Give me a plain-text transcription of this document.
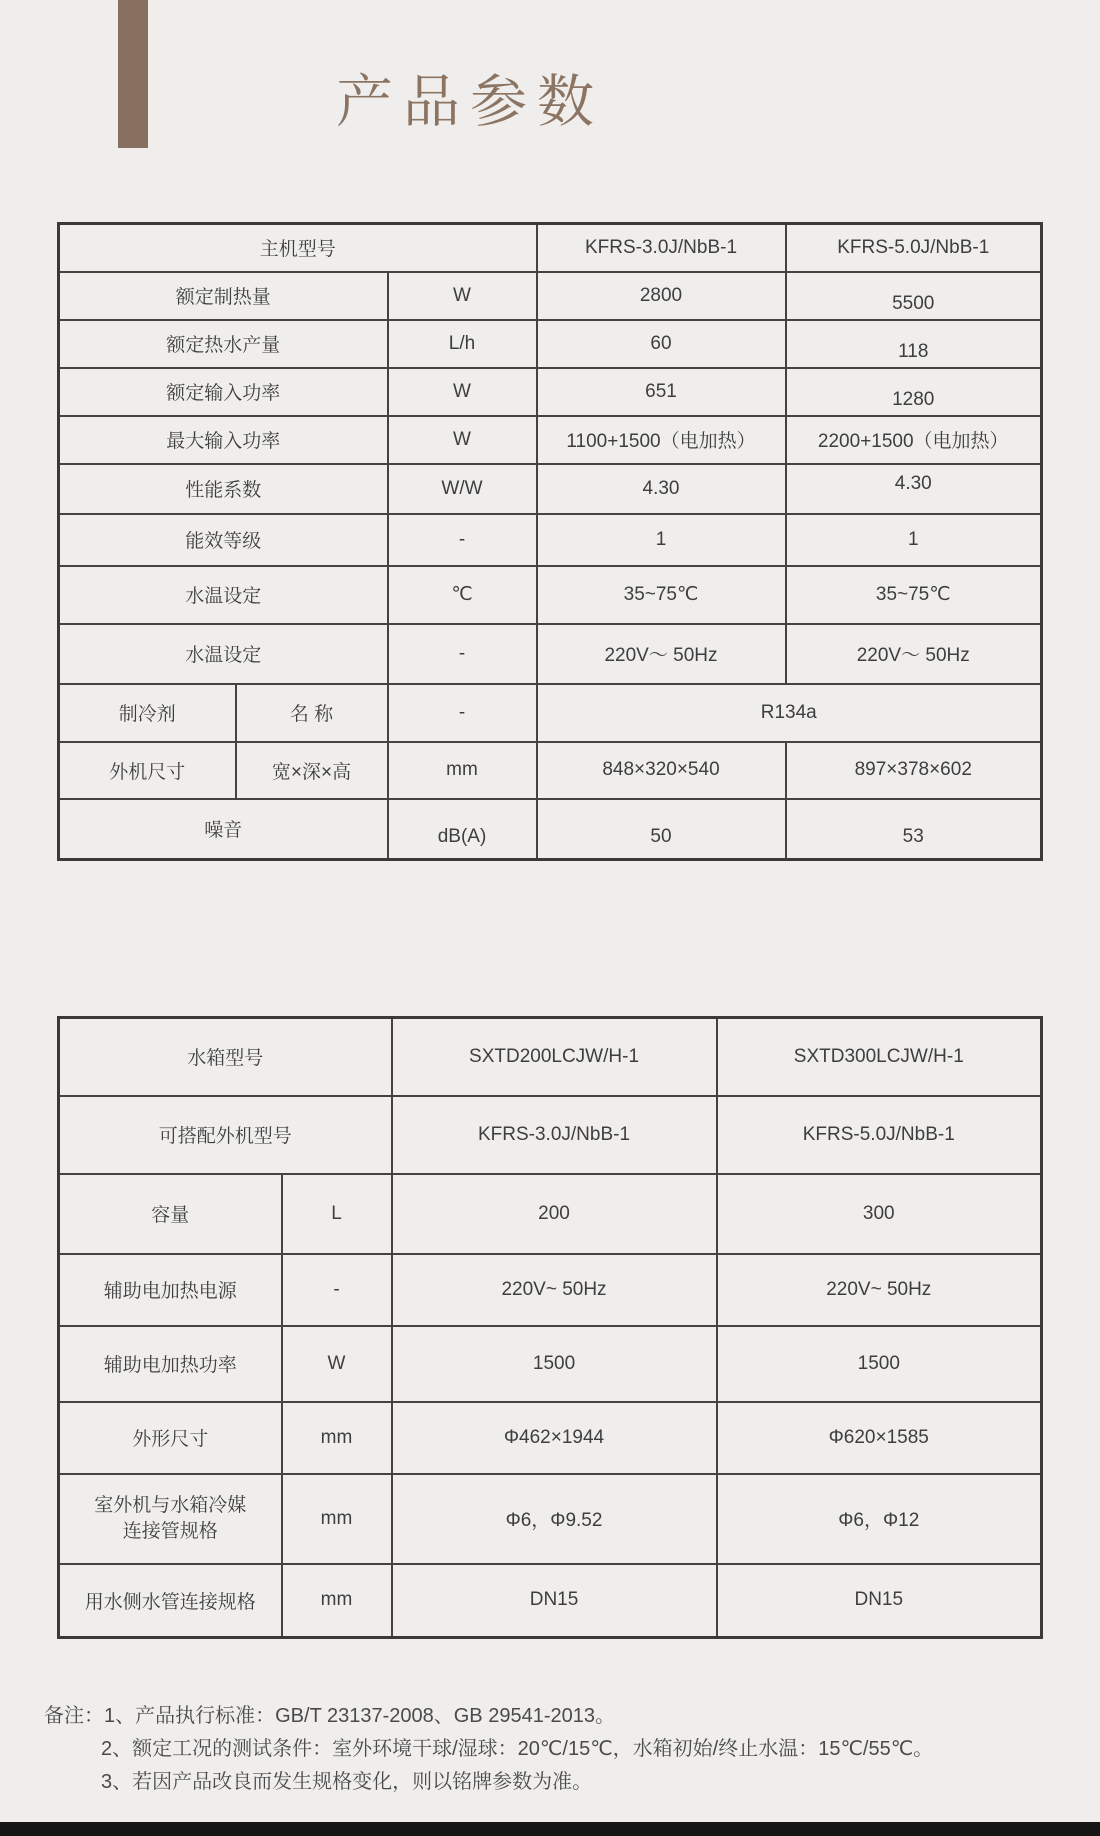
产品参数
主机型号			KFRS-3.0J/NbB-1	KFRS-5.0J/NbB-1
额定制热量		W	2800	5500
额定热水产量		L/h	60	118
额定输入功率		W	651	1280
最大输入功率		W	1100+1500（电加热）	2200+1500（电加热）
性能系数		W/W	4.30	4.30
能效等级		-	1	1
水温设定		℃	35~75℃	35~75℃
水温设定		-	220V～ 50Hz	220V～ 50Hz
制冷剂	名 称	-	R134a	
外机尺寸	宽×深×高	mm	848×320×540	897×378×602
噪音		dB(A)	50	53
水箱型号		SXTD200LCJW/H-1	SXTD300LCJW/H-1
可搭配外机型号		KFRS-3.0J/NbB-1	KFRS-5.0J/NbB-1
容量	L	200	300
辅助电加热电源	-	220V~ 50Hz	220V~ 50Hz
辅助电加热功率	W	1500	1500
外形尺寸	mm	Φ462×1944	Φ620×1585

室外机与水箱冷媒
连接管规格	mm	Φ6，Φ9.52	Φ6，Φ12
用水侧水管连接规格	mm	DN15	DN15
备注：1、产品执行标准：GB/T 23137-2008、GB 29541-2013。
2、额定工况的测试条件：室外环境干球/湿球：20℃/15℃，水箱初始/终止水温：15℃/55℃。
3、若因产品改良而发生规格变化，则以铭牌参数为准。
